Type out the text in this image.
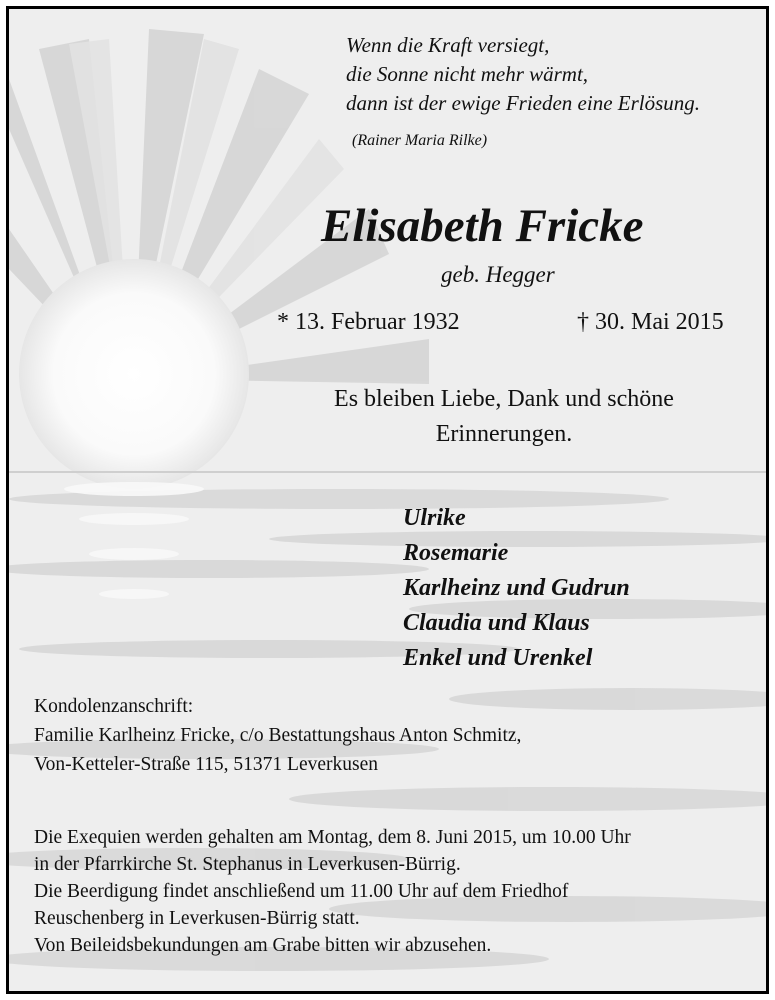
Wenn die Kraft versiegt,
die Sonne nicht mehr wärmt,
dann ist der ewige Frieden eine Erlösung.
(Rainer Maria Rilke)
Elisabeth Fricke
geb. Hegger
* 13. Februar 1932	† 30. Mai 2015
Es bleiben Liebe, Dank und schöne Erinnerungen.
Ulrike
Rosemarie
Karlheinz und Gudrun
Claudia und Klaus
Enkel und Urenkel
Kondolenzanschrift:
Familie Karlheinz Fricke, c/o Bestattungshaus Anton Schmitz,
Von-Ketteler-Straße 115, 51371 Leverkusen
Die Exequien werden gehalten am Montag, dem 8. Juni 2015, um 10.00 Uhr
in der Pfarrkirche St. Stephanus in Leverkusen-Bürrig.
Die Beerdigung findet anschließend um 11.00 Uhr auf dem Friedhof
Reuschenberg in Leverkusen-Bürrig statt.
Von Beileidsbekundungen am Grabe bitten wir abzusehen.
